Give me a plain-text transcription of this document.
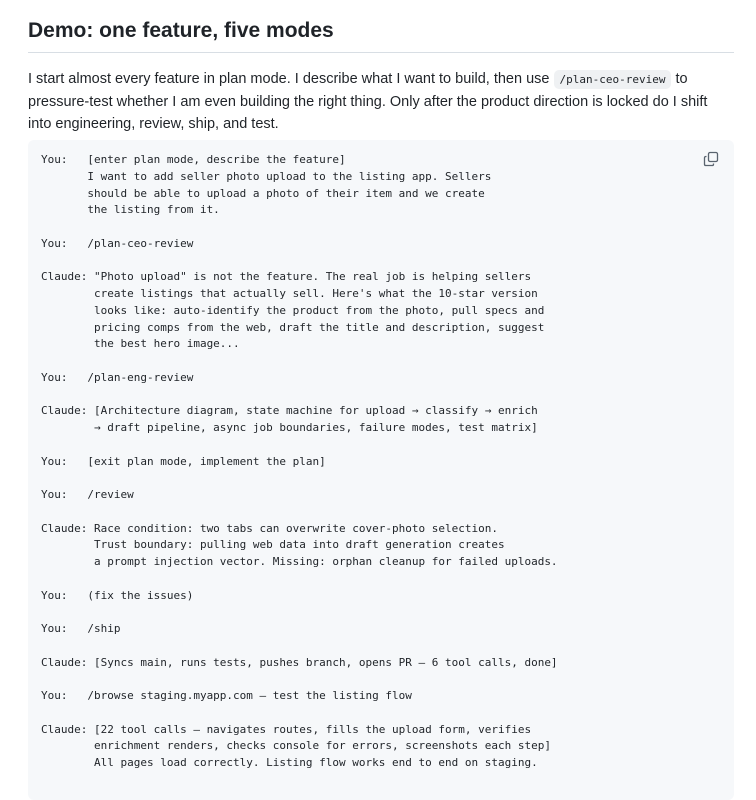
Demo: one feature, five modes

I start almost every feature in plan mode. I describe what I want to build, then use /plan-ceo-review to pressure-test whether I am even building the right thing. Only after the product direction is locked do I shift into engineering, review, ship, and test.

You:   [enter plan mode, describe the feature]
I want to add seller photo upload to the listing app. Sellers
should be able to upload a photo of their item and we create
the listing from it.

You:   /plan-ceo-review

Claude: "Photo upload" is not the feature. The real job is helping sellers
create listings that actually sell. Here's what the 10-star version
looks like: auto-identify the product from the photo, pull specs and
pricing comps from the web, draft the title and description, suggest
the best hero image...

You:   /plan-eng-review

Claude: [Architecture diagram, state machine for upload → classify → enrich
→ draft pipeline, async job boundaries, failure modes, test matrix]

You:   [exit plan mode, implement the plan]

You:   /review

Claude: Race condition: two tabs can overwrite cover-photo selection.
Trust boundary: pulling web data into draft generation creates
a prompt injection vector. Missing: orphan cleanup for failed uploads.

You:   (fix the issues)

You:   /ship

Claude: [Syncs main, runs tests, pushes branch, opens PR — 6 tool calls, done]

You:   /browse staging.myapp.com — test the listing flow

Claude: [22 tool calls — navigates routes, fills the upload form, verifies
enrichment renders, checks console for errors, screenshots each step]
All pages load correctly. Listing flow works end to end on staging.
